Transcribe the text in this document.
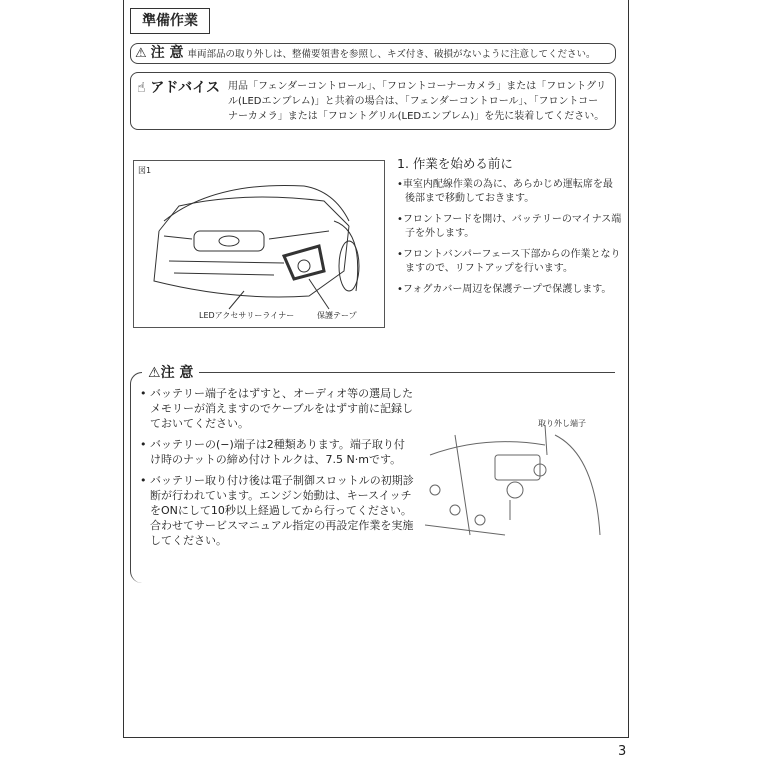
準備作業
⚠ 注 意 車両部品の取り外しは、整備要領書を参照し、キズ付き、破損がないように注意してください。
☝ アドバイス 用品「フェンダーコントロール」、「フロントコーナーカメラ」または「フロントグリル(LEDエンブレム)」と共着の場合は、「フェンダーコントロール」、「フロントコーナーカメラ」または「フロントグリル(LEDエンブレム)」を先に装着してください。
図1
LEDアクセサリーライナー	保護テープ
1. 作業を始める前に

•車室内配線作業の為に、あらかじめ運転席を最後部まで移動しておきます。

•フロントフードを開け、バッテリーのマイナス端子を外します。

•フロントバンパーフェース下部からの作業となりますので、リフトアップを行います。

•フォグカバー周辺を保護テープで保護します。

⚠注 意

• バッテリー端子をはずすと、オーディオ等の選局したメモリーが消えますのでケーブルをはずす前に記録しておいてください。

• バッテリーの(−)端子は2種類あります。端子取り付け時のナットの締め付けトルクは、7.5 N·mです。

• バッテリー取り付け後は電子制御スロットルの初期診断が行われています。エンジン始動は、キースイッチをONにして10秒以上経過してから行ってください。合わせてサービスマニュアル指定の再設定作業を実施してください。

取り外し端子
3
